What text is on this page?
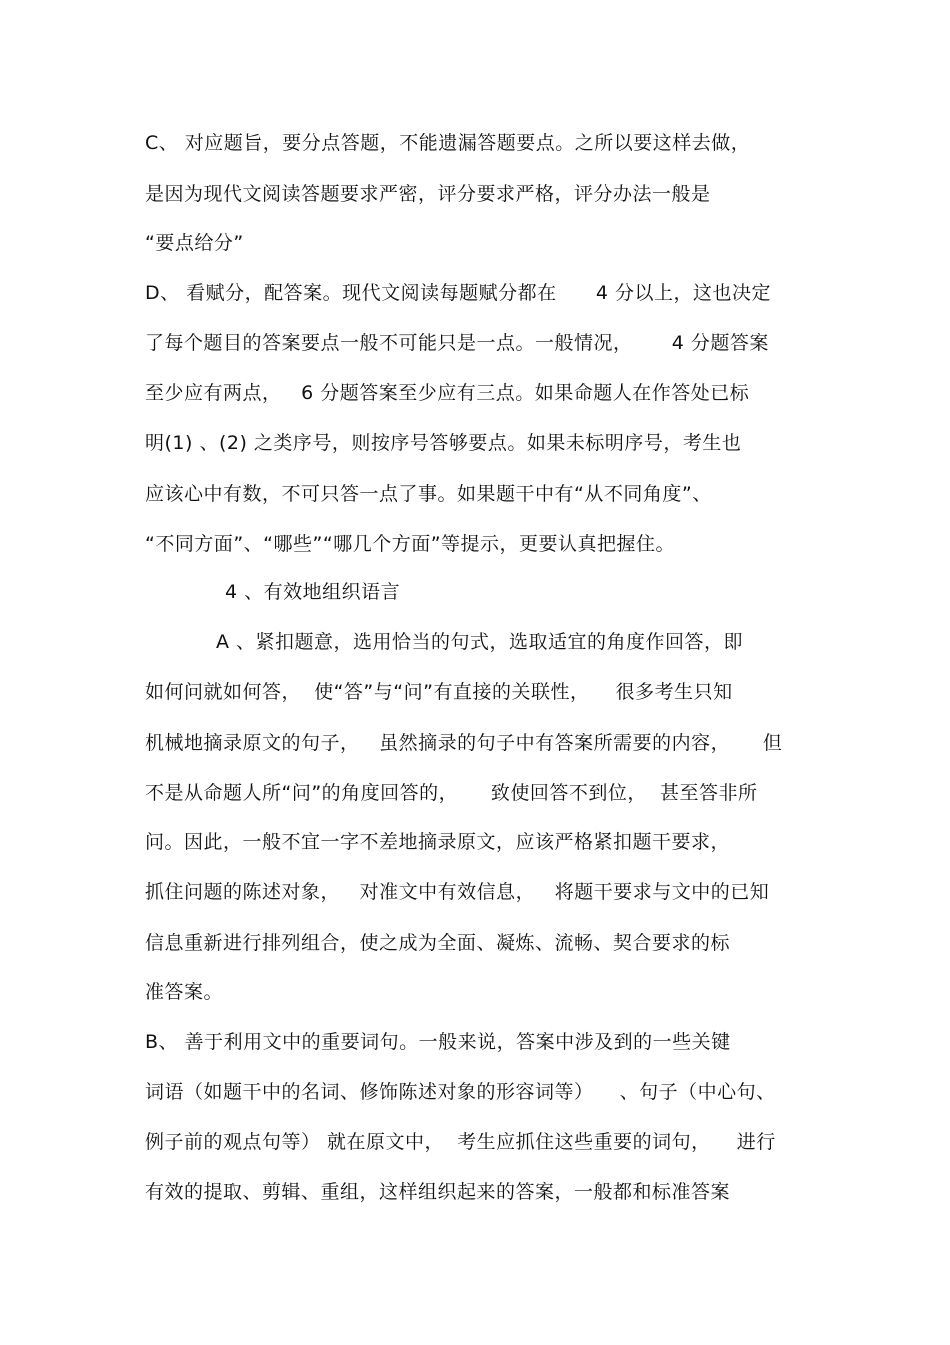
C、 对应题旨，要分点答题，不能遗漏答题要点。之所以要这样去做，
是因为现代文阅读答题要求严密，评分要求严格，评分办法一般是
“要点给分”
D、 看赋分，配答案。现代文阅读每题赋分都在      4 分以上，这也决定
了每个题目的答案要点一般不可能只是一点。一般情况，      4 分题答案
至少应有两点，   6 分题答案至少应有三点。如果命题人在作答处已标
明(1) 、(2) 之类序号，则按序号答够要点。如果未标明序号，考生也
应该心中有数，不可只答一点了事。如果题干中有“从不同角度”、
“不同方面”、“哪些”“哪几个方面”等提示，更要认真把握住。
4 、有效地组织语言
A 、紧扣题意，选用恰当的句式，选取适宜的角度作回答，即
如何问就如何答，  使“答”与“问”有直接的关联性，    很多考生只知
机械地摘录原文的句子，   虽然摘录的句子中有答案所需要的内容，     但
不是从命题人所“问”的角度回答的，     致使回答不到位，  甚至答非所
问。因此，一般不宜一字不差地摘录原文，应该严格紧扣题干要求，
抓住问题的陈述对象，   对准文中有效信息，   将题干要求与文中的已知
信息重新进行排列组合，使之成为全面、凝炼、流畅、契合要求的标
准答案。
B、 善于利用文中的重要词句。一般来说，答案中涉及到的一些关键
词语（如题干中的名词、修饰陈述对象的形容词等）    、句子（中心句、
例子前的观点句等） 就在原文中，  考生应抓住这些重要的词句，    进行
有效的提取、剪辑、重组，这样组织起来的答案，一般都和标准答案
